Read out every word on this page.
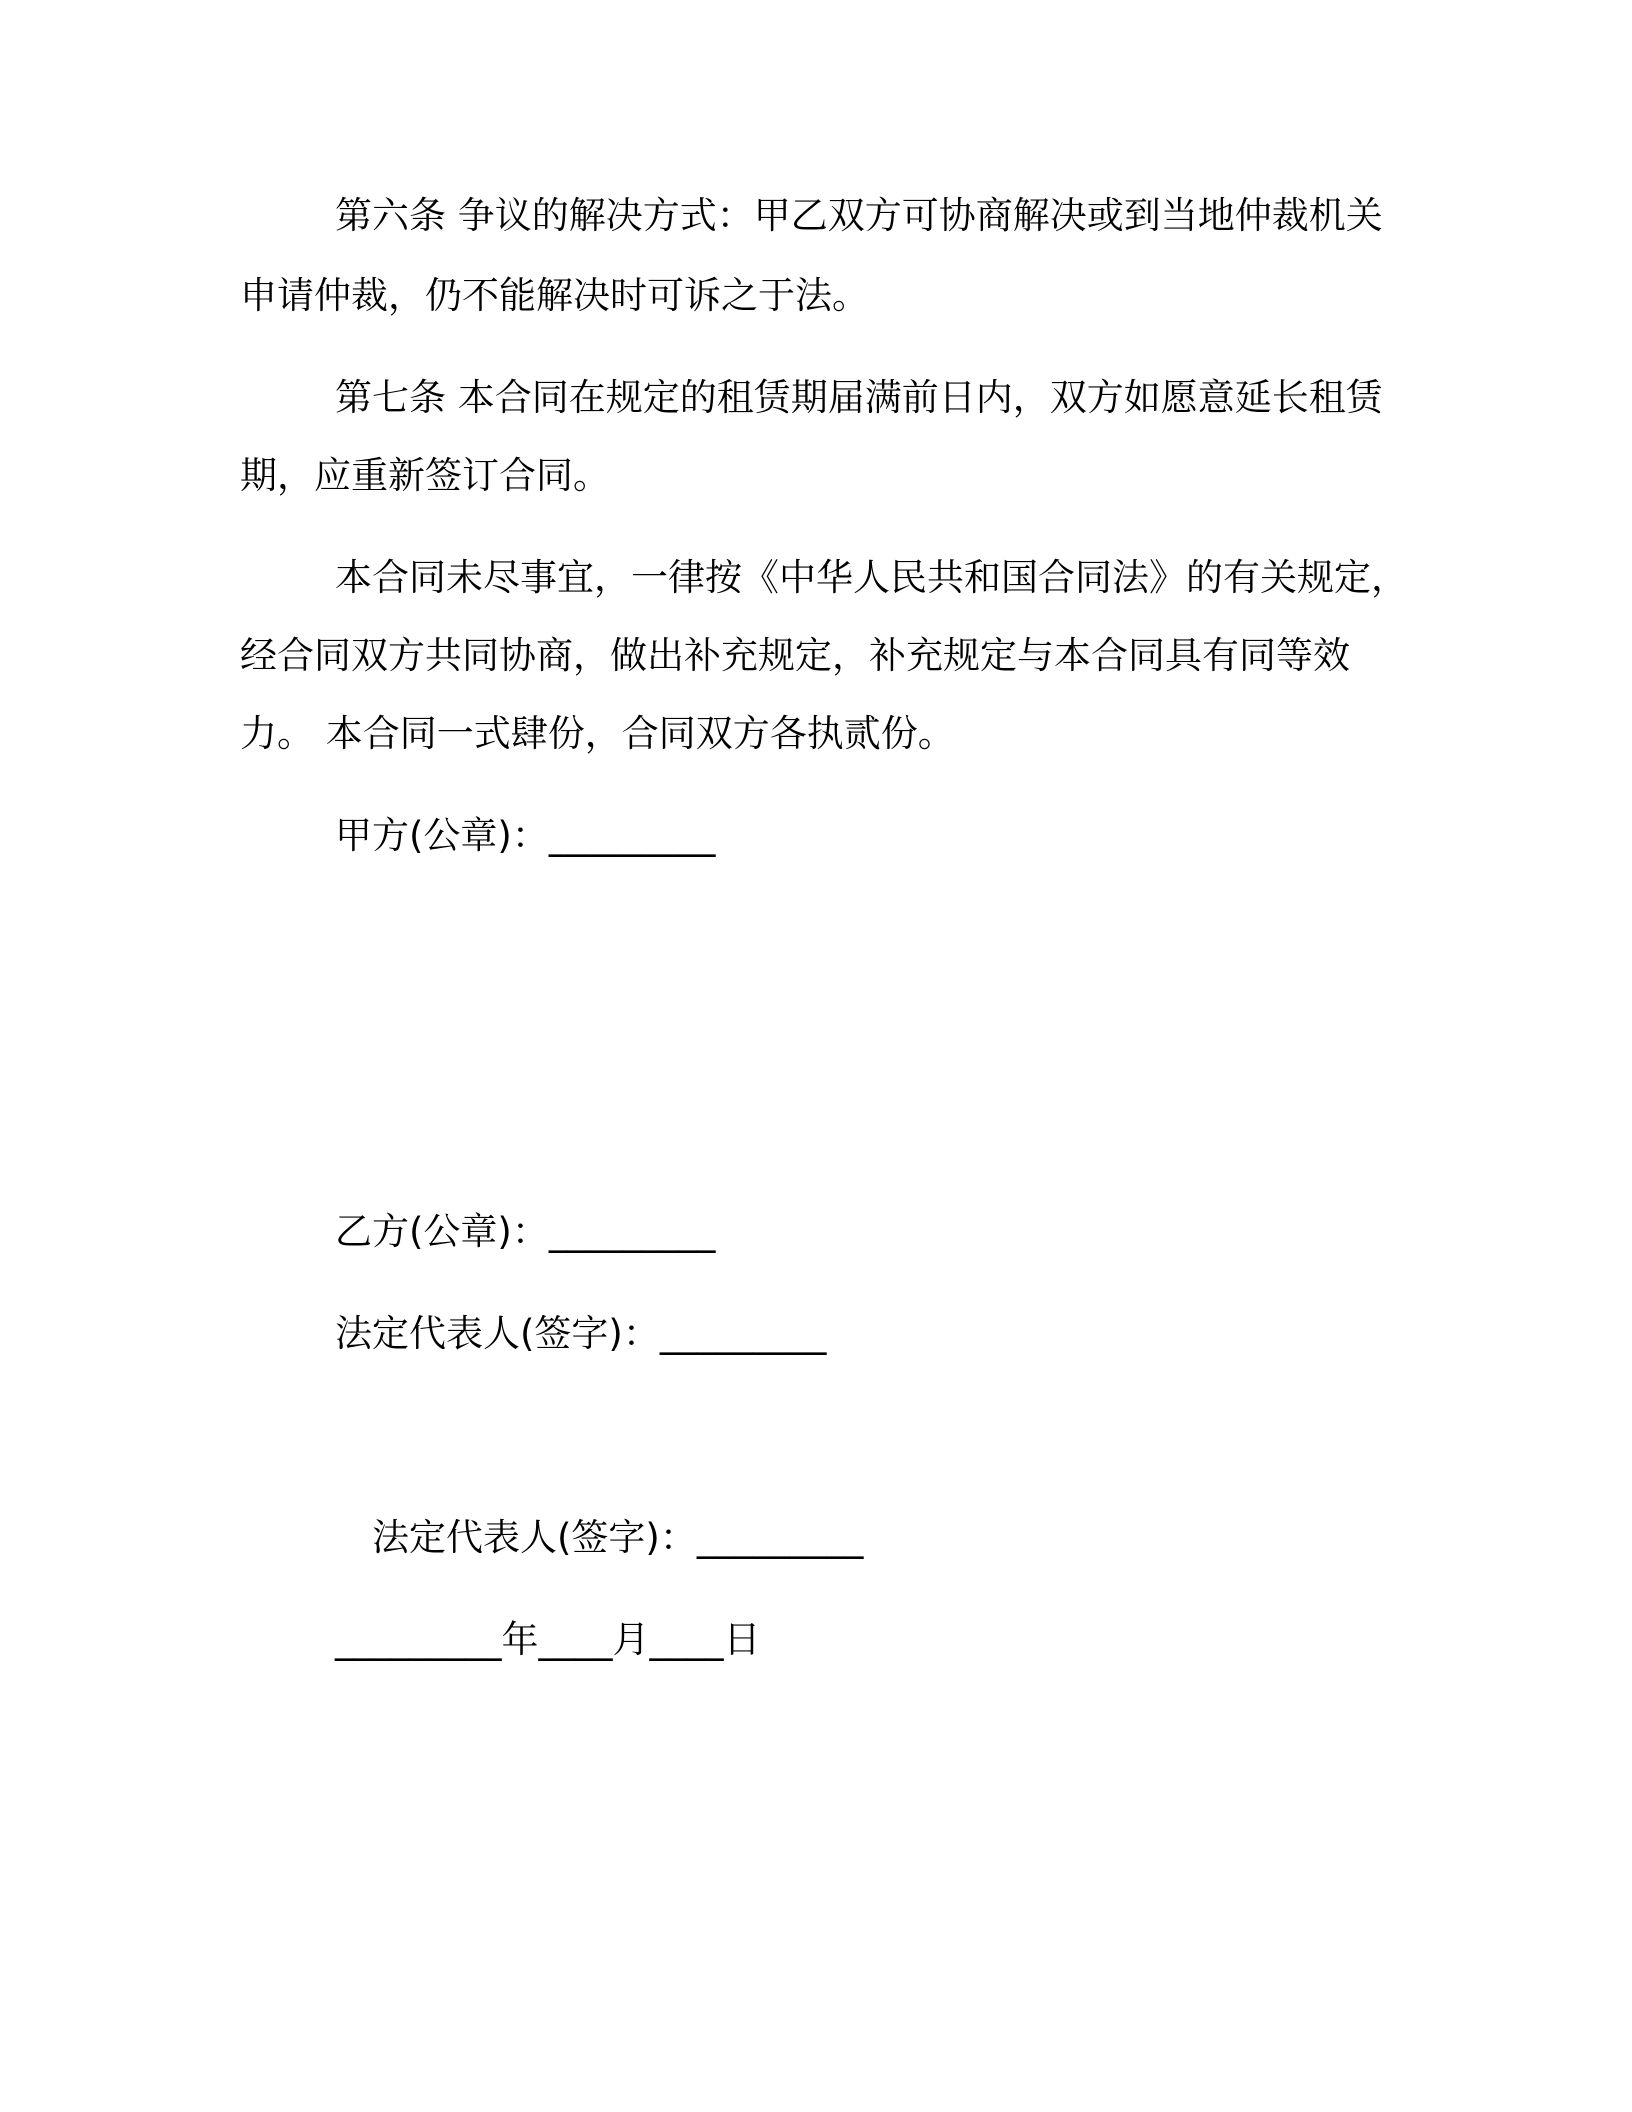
第六条 争议的解决方式：甲乙双方可协商解决或到当地仲裁机关
申请仲裁，仍不能解决时可诉之于法。
第七条 本合同在规定的租赁期届满前日内，双方如愿意延长租赁
期，应重新签订合同。
本合同未尽事宜，一律按《中华人民共和国合同法》的有关规定，
经合同双方共同协商，做出补充规定，补充规定与本合同具有同等效
力。 本合同一式肆份，合同双方各执贰份。
甲方(公章)：_________
乙方(公章)：_________
法定代表人(签字)：_________
法定代表人(签字)：_________
_________年____月____日
